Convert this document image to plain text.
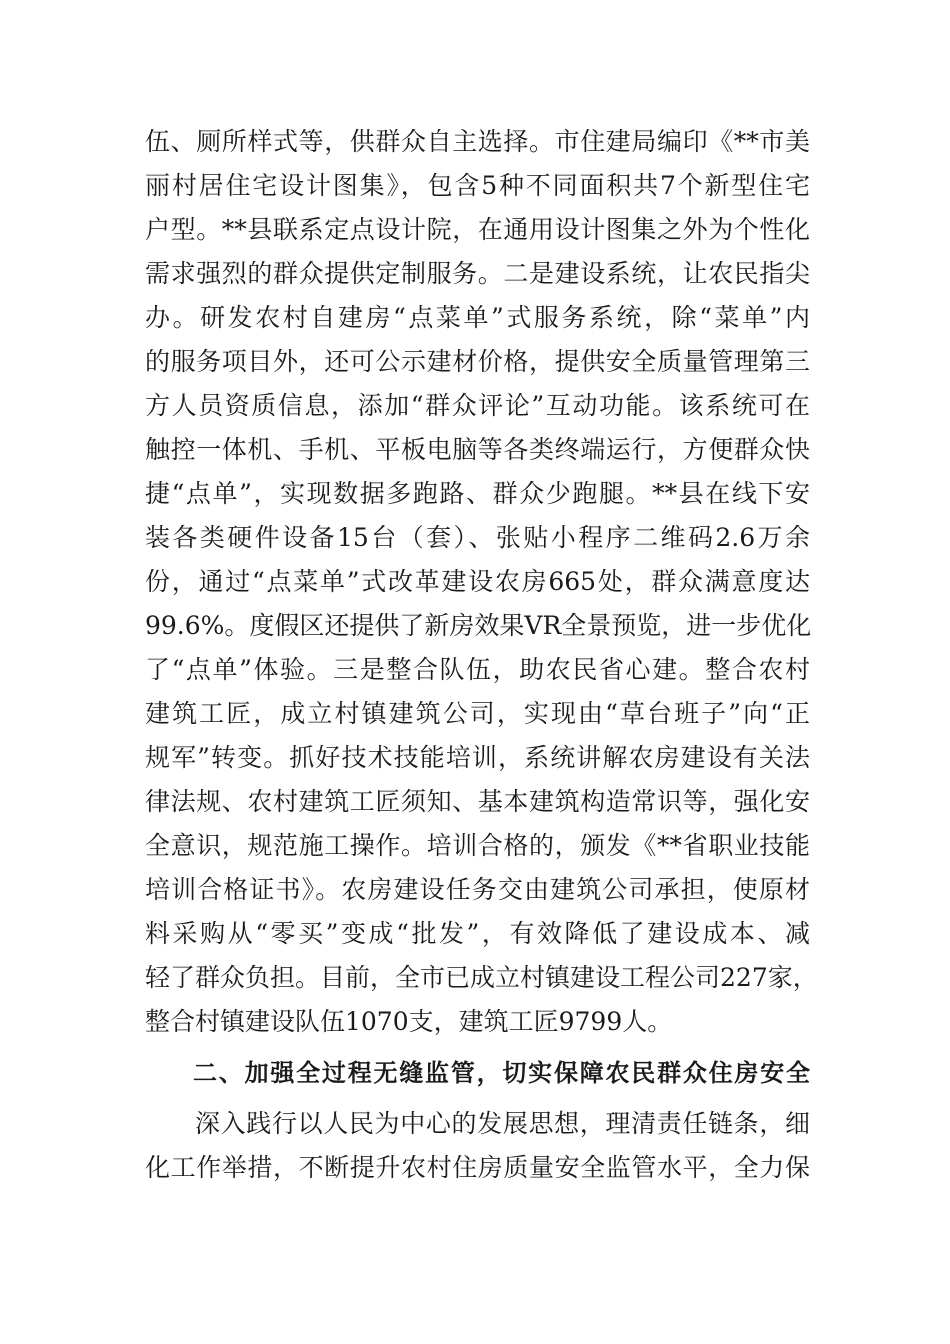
伍、厕所样式等，供群众自主选择。市住建局编印《**市美
丽村居住宅设计图集》，包含5种不同面积共7个新型住宅
户型。**县联系定点设计院，在通用设计图集之外为个性化
需求强烈的群众提供定制服务。二是建设系统，让农民指尖
办。研发农村自建房“点菜单”式服务系统，除“菜单”内
的服务项目外，还可公示建材价格，提供安全质量管理第三
方人员资质信息，添加“群众评论”互动功能。该系统可在
触控一体机、手机、平板电脑等各类终端运行，方便群众快
捷“点单”，实现数据多跑路、群众少跑腿。**县在线下安
装各类硬件设备15台（套）、张贴小程序二维码2.6万余
份，通过“点菜单”式改革建设农房665处，群众满意度达
99.6%。度假区还提供了新房效果VR全景预览，进一步优化
了“点单”体验。三是整合队伍，助农民省心建。整合农村
建筑工匠，成立村镇建筑公司，实现由“草台班子”向“正
规军”转变。抓好技术技能培训，系统讲解农房建设有关法
律法规、农村建筑工匠须知、基本建筑构造常识等，强化安
全意识，规范施工操作。培训合格的，颁发《**省职业技能
培训合格证书》。农房建设任务交由建筑公司承担，使原材
料采购从“零买”变成“批发”，有效降低了建设成本、减
轻了群众负担。目前，全市已成立村镇建设工程公司227家，
整合村镇建设队伍1070支，建筑工匠9799人。
二、加强全过程无缝监管，切实保障农民群众住房安全
深入践行以人民为中心的发展思想，理清责任链条，细
化工作举措，不断提升农村住房质量安全监管水平，全力保
